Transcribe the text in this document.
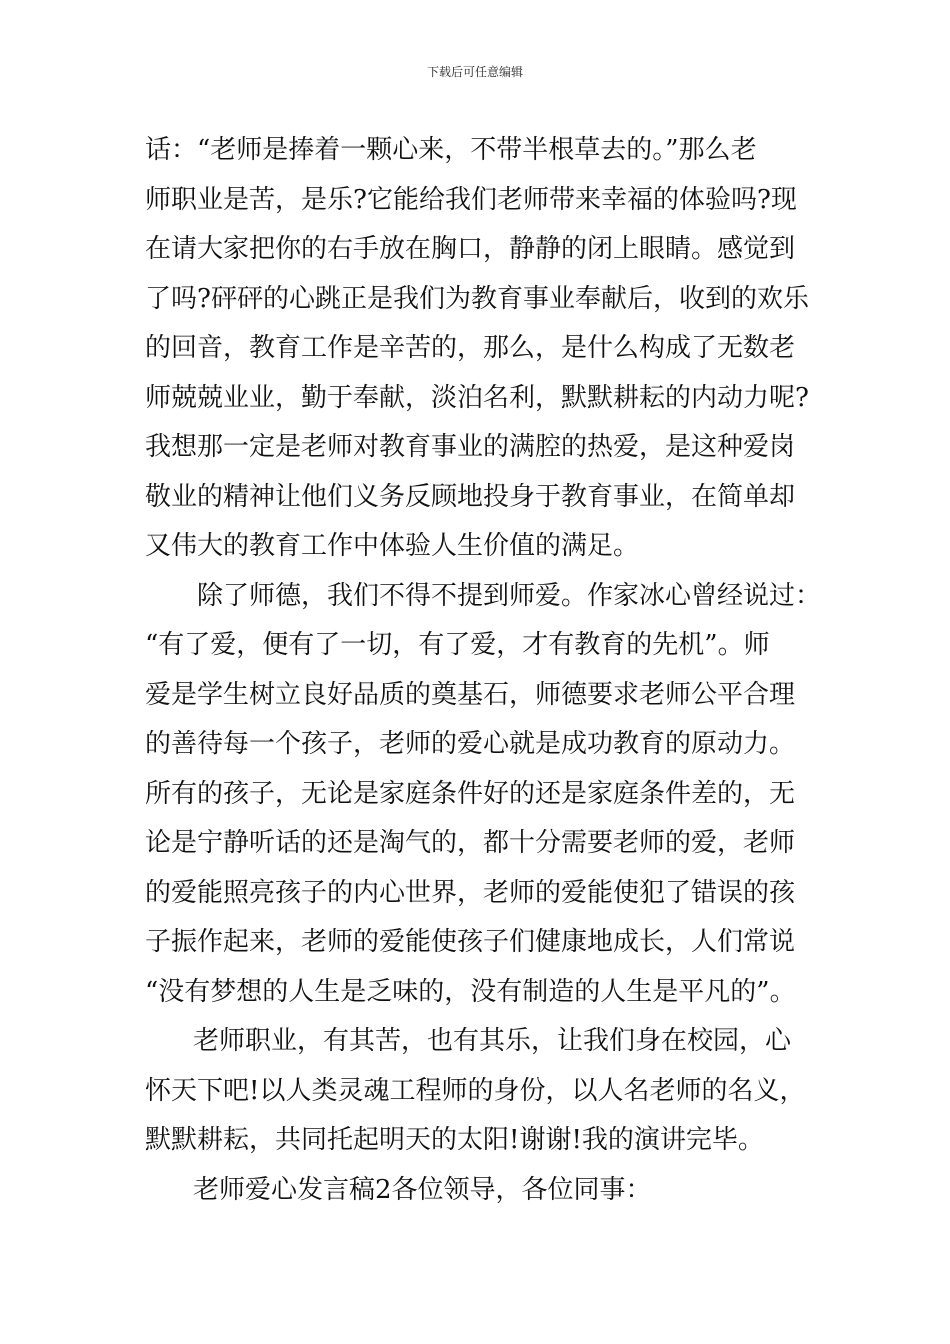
下载后可任意编辑
话：“老师是捧着一颗心来，不带半根草去的。”那么老
师职业是苦，是乐?它能给我们老师带来幸福的体验吗?现
在请大家把你的右手放在胸口，静静的闭上眼睛。感觉到
了吗?砰砰的心跳正是我们为教育事业奉献后，收到的欢乐
的回音，教育工作是辛苦的，那么，是什么构成了无数老
师兢兢业业，勤于奉献，淡泊名利，默默耕耘的内动力呢?
我想那一定是老师对教育事业的满腔的热爱，是这种爱岗
敬业的精神让他们义务反顾地投身于教育事业，在简单却
又伟大的教育工作中体验人生价值的满足。
除了师德，我们不得不提到师爱。作家冰心曾经说过：
“有了爱，便有了一切，有了爱，才有教育的先机”。师
爱是学生树立良好品质的奠基石，师德要求老师公平合理
的善待每一个孩子，老师的爱心就是成功教育的原动力。
所有的孩子，无论是家庭条件好的还是家庭条件差的，无
论是宁静听话的还是淘气的，都十分需要老师的爱，老师
的爱能照亮孩子的内心世界，老师的爱能使犯了错误的孩
子振作起来，老师的爱能使孩子们健康地成长，人们常说
“没有梦想的人生是乏味的，没有制造的人生是平凡的”。
老师职业，有其苦，也有其乐，让我们身在校园，心
怀天下吧!以人类灵魂工程师的身份，以人名老师的名义，
默默耕耘，共同托起明天的太阳!谢谢!我的演讲完毕。
老师爱心发言稿2各位领导，各位同事：
